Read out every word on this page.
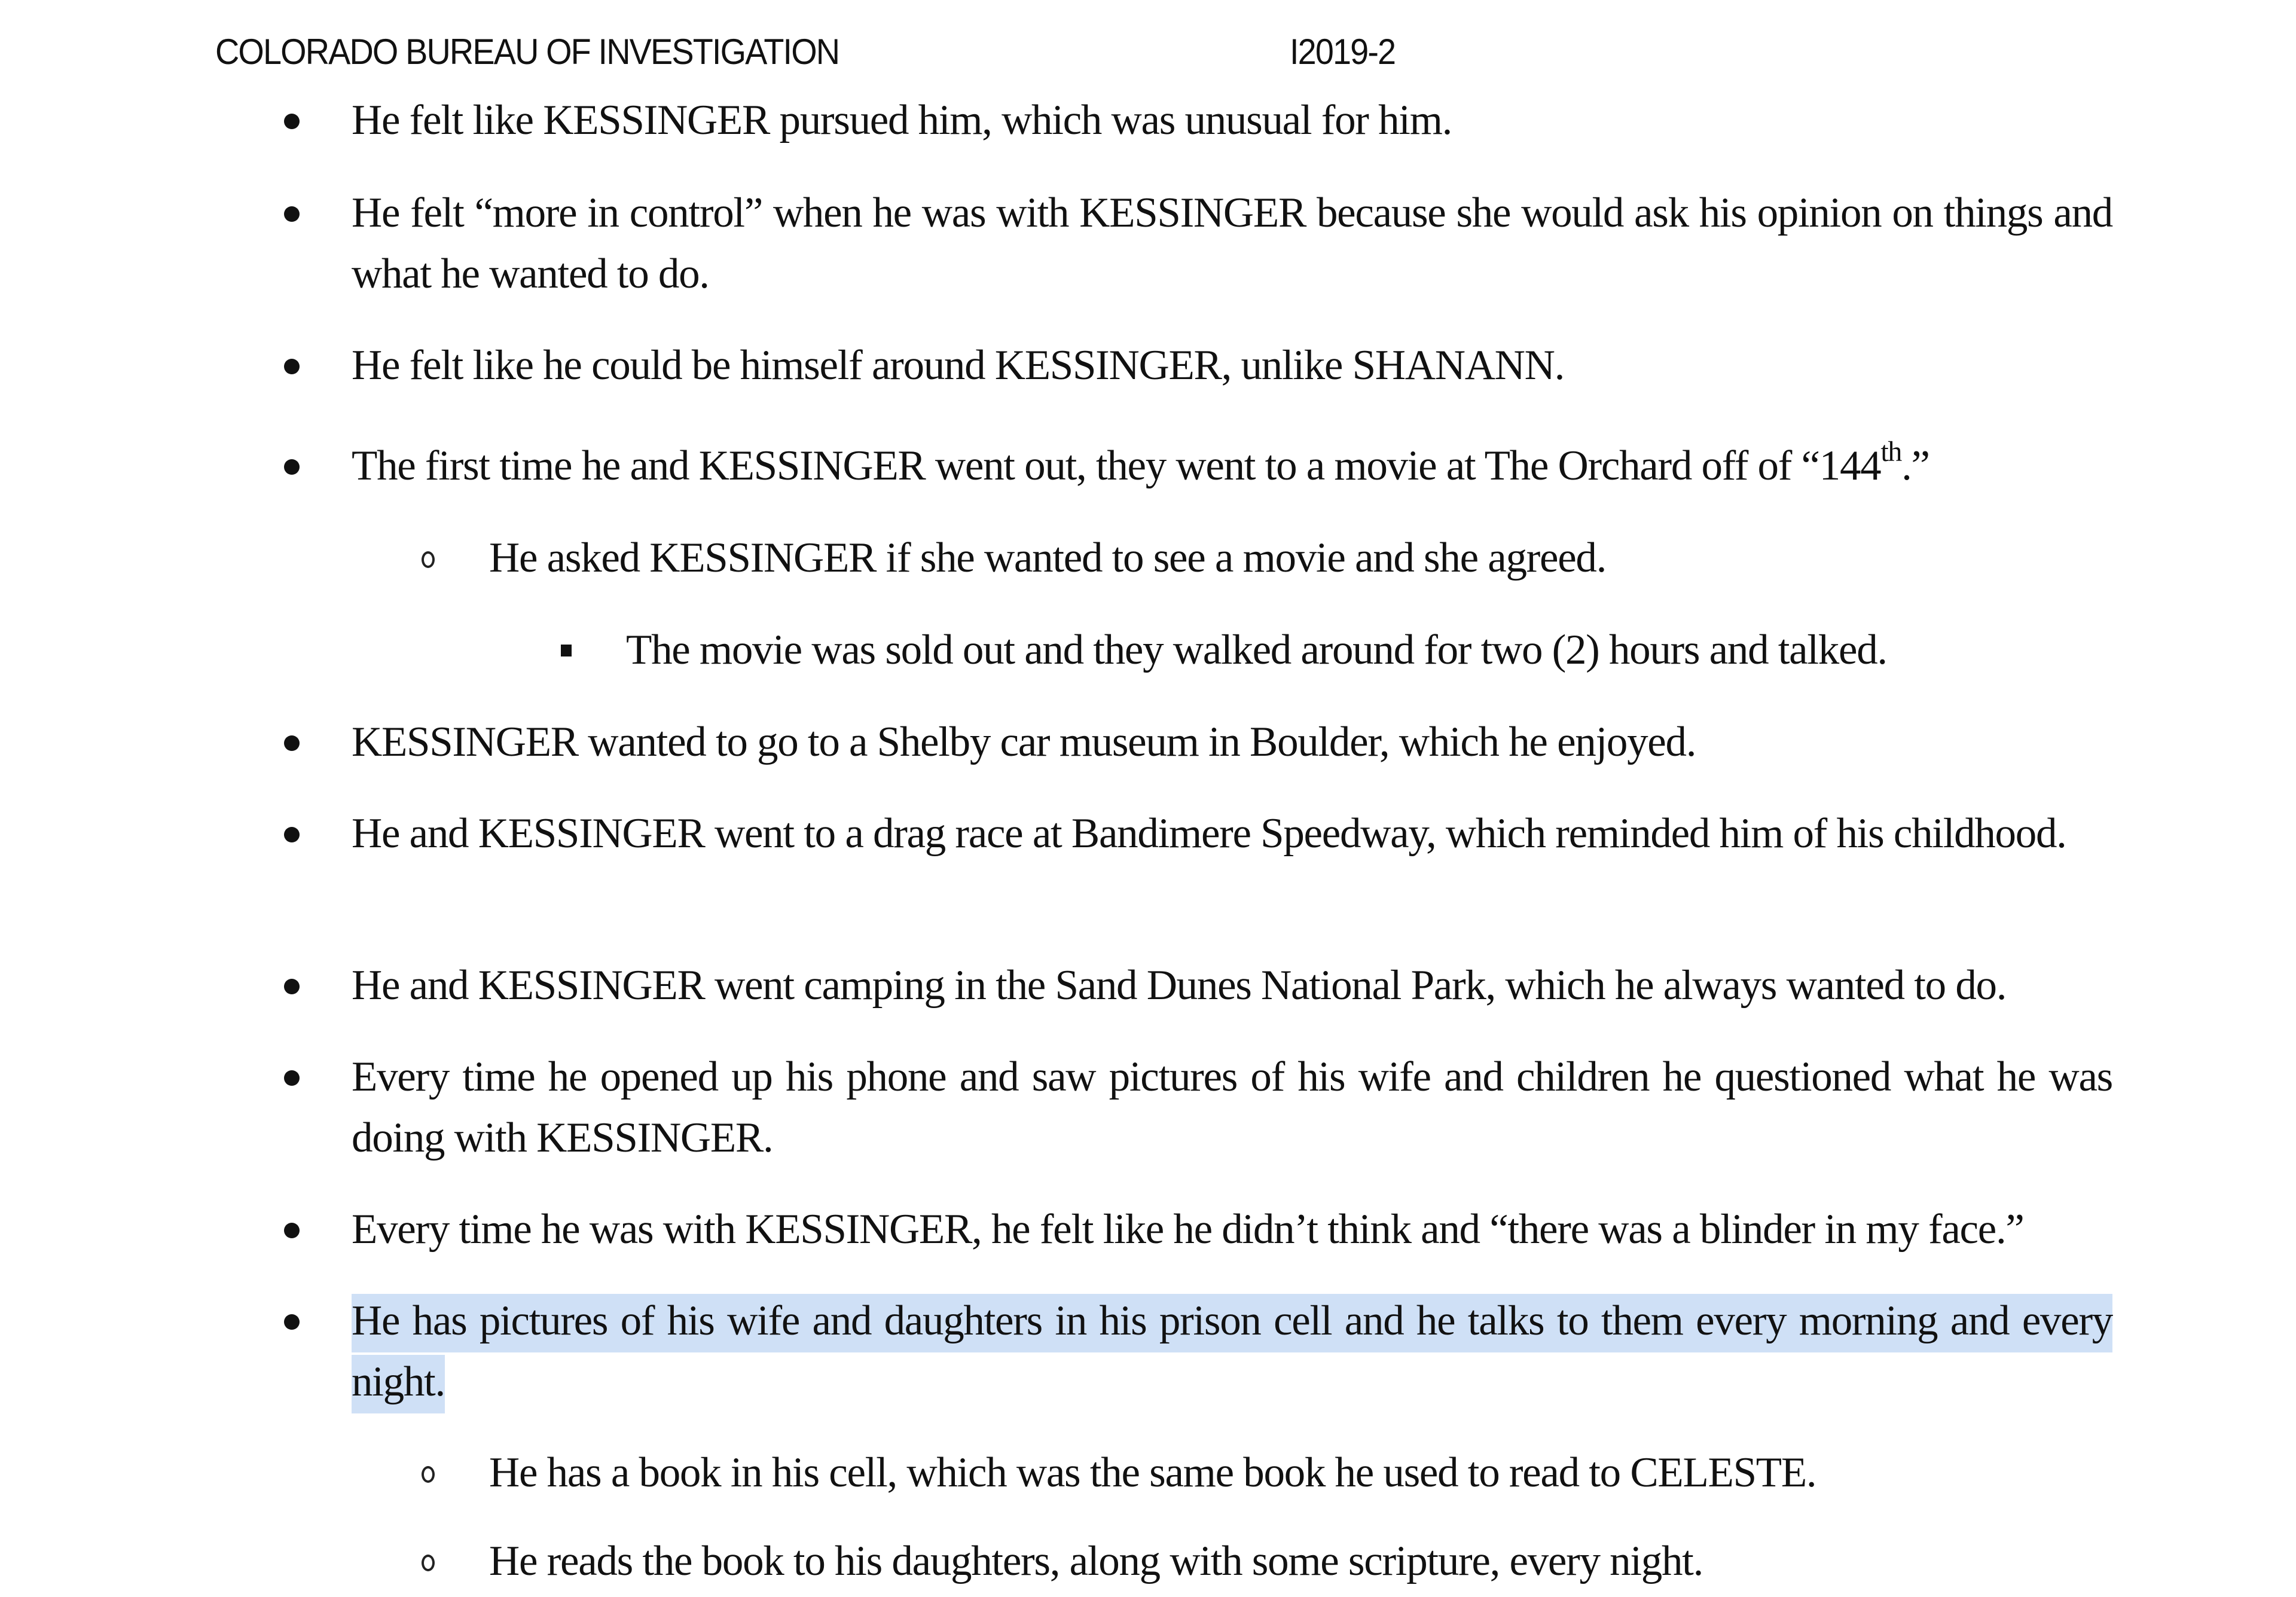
COLORADO BUREAU OF INVESTIGATION	I2019-2
He felt like KESSINGER pursued him, which was unusual for him.
He felt “more in control” when he was with KESSINGER because she would ask his opinion on things and what he wanted to do.
He felt like he could be himself around KESSINGER, unlike SHANANN.
The first time he and KESSINGER went out, they went to a movie at The Orchard off of “144th.”
He asked KESSINGER if she wanted to see a movie and she agreed.
The movie was sold out and they walked around for two (2) hours and talked.
KESSINGER wanted to go to a Shelby car museum in Boulder, which he enjoyed.
He and KESSINGER went to a drag race at Bandimere Speedway, which reminded him of his childhood.
He and KESSINGER went camping in the Sand Dunes National Park, which he always wanted to do.
Every time he opened up his phone and saw pictures of his wife and children he questioned what he was doing with KESSINGER.
Every time he was with KESSINGER, he felt like he didn’t think and “there was a blinder in my face.”
He has pictures of his wife and daughters in his prison cell and he talks to them every morning and every night.
He has a book in his cell, which was the same book he used to read to CELESTE.
He reads the book to his daughters, along with some scripture, every night.
